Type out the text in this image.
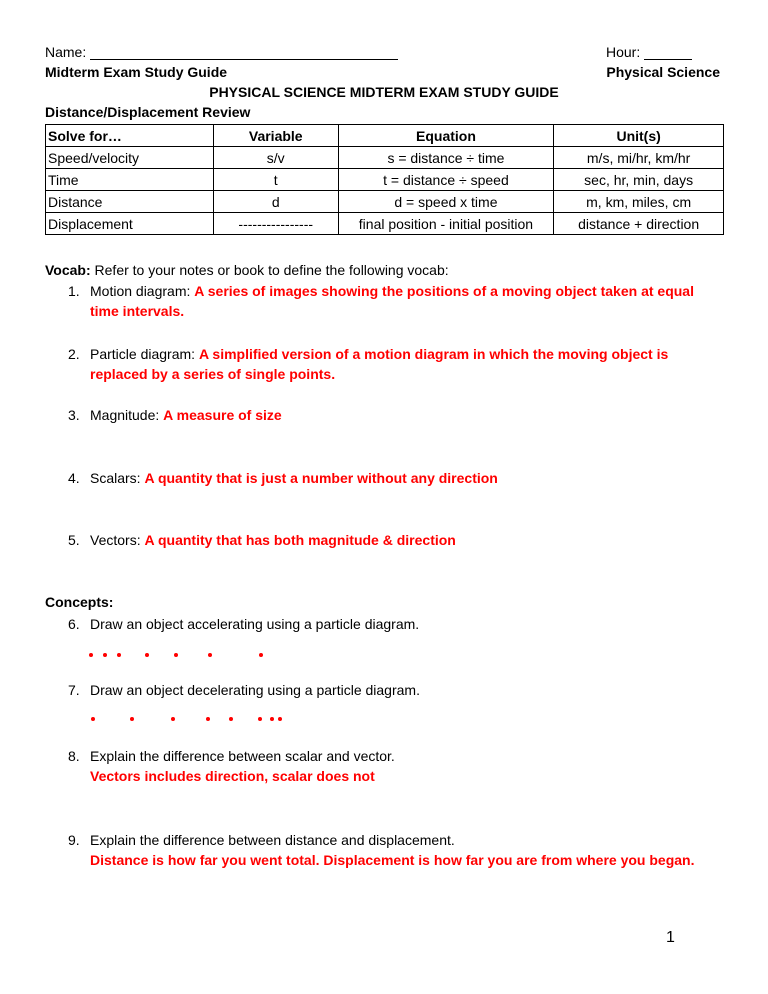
Name:	Hour:
Midterm Exam Study Guide	Physical Science
PHYSICAL SCIENCE MIDTERM EXAM STUDY GUIDE
Distance/Displacement Review
Solve for…	Variable	Equation	Unit(s)
Speed/velocity	s/v	s = distance ÷ time	m/s, mi/hr, km/hr
Time	t	t = distance ÷ speed	sec, hr, min, days
Distance	d	d = speed x time	m, km, miles, cm
Displacement	----------------	final position - initial position	distance + direction
Vocab: Refer to your notes or book to define the following vocab:
1. Motion diagram: A series of images showing the positions of a moving object taken at equal time intervals.
2. Particle diagram: A simplified version of a motion diagram in which the moving object is replaced by a series of single points.
3. Magnitude: A measure of size
4. Scalars: A quantity that is just a number without any direction
5. Vectors: A quantity that has both magnitude & direction
Concepts:
6. Draw an object accelerating using a particle diagram.
7. Draw an object decelerating using a particle diagram.
8. Explain the difference between scalar and vector.
Vectors includes direction, scalar does not
9. Explain the difference between distance and displacement.
Distance is how far you went total. Displacement is how far you are from where you began.
1
